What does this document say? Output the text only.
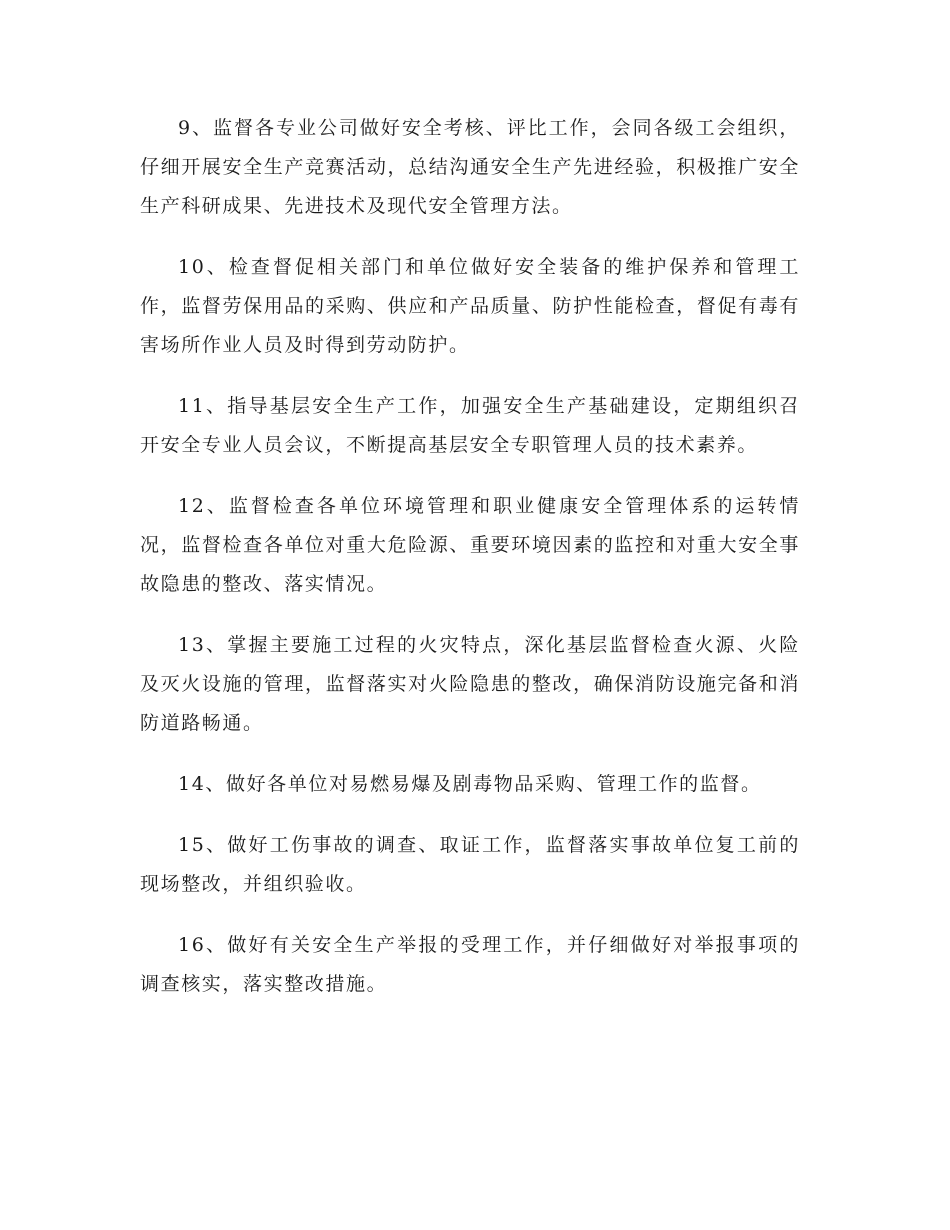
9、监督各专业公司做好安全考核、评比工作，会同各级工会组织，仔细开展安全生产竞赛活动，总结沟通安全生产先进经验，积极推广安全生产科研成果、先进技术及现代安全管理方法。

10、检查督促相关部门和单位做好安全装备的维护保养和管理工作，监督劳保用品的采购、供应和产品质量、防护性能检查，督促有毒有害场所作业人员及时得到劳动防护。

11、指导基层安全生产工作，加强安全生产基础建设，定期组织召开安全专业人员会议，不断提高基层安全专职管理人员的技术素养。

12、监督检查各单位环境管理和职业健康安全管理体系的运转情况，监督检查各单位对重大危险源、重要环境因素的监控和对重大安全事故隐患的整改、落实情况。

13、掌握主要施工过程的火灾特点，深化基层监督检查火源、火险及灭火设施的管理，监督落实对火险隐患的整改，确保消防设施完备和消防道路畅通。

14、做好各单位对易燃易爆及剧毒物品采购、管理工作的监督。

15、做好工伤事故的调查、取证工作，监督落实事故单位复工前的现场整改，并组织验收。

16、做好有关安全生产举报的受理工作，并仔细做好对举报事项的调查核实，落实整改措施。
